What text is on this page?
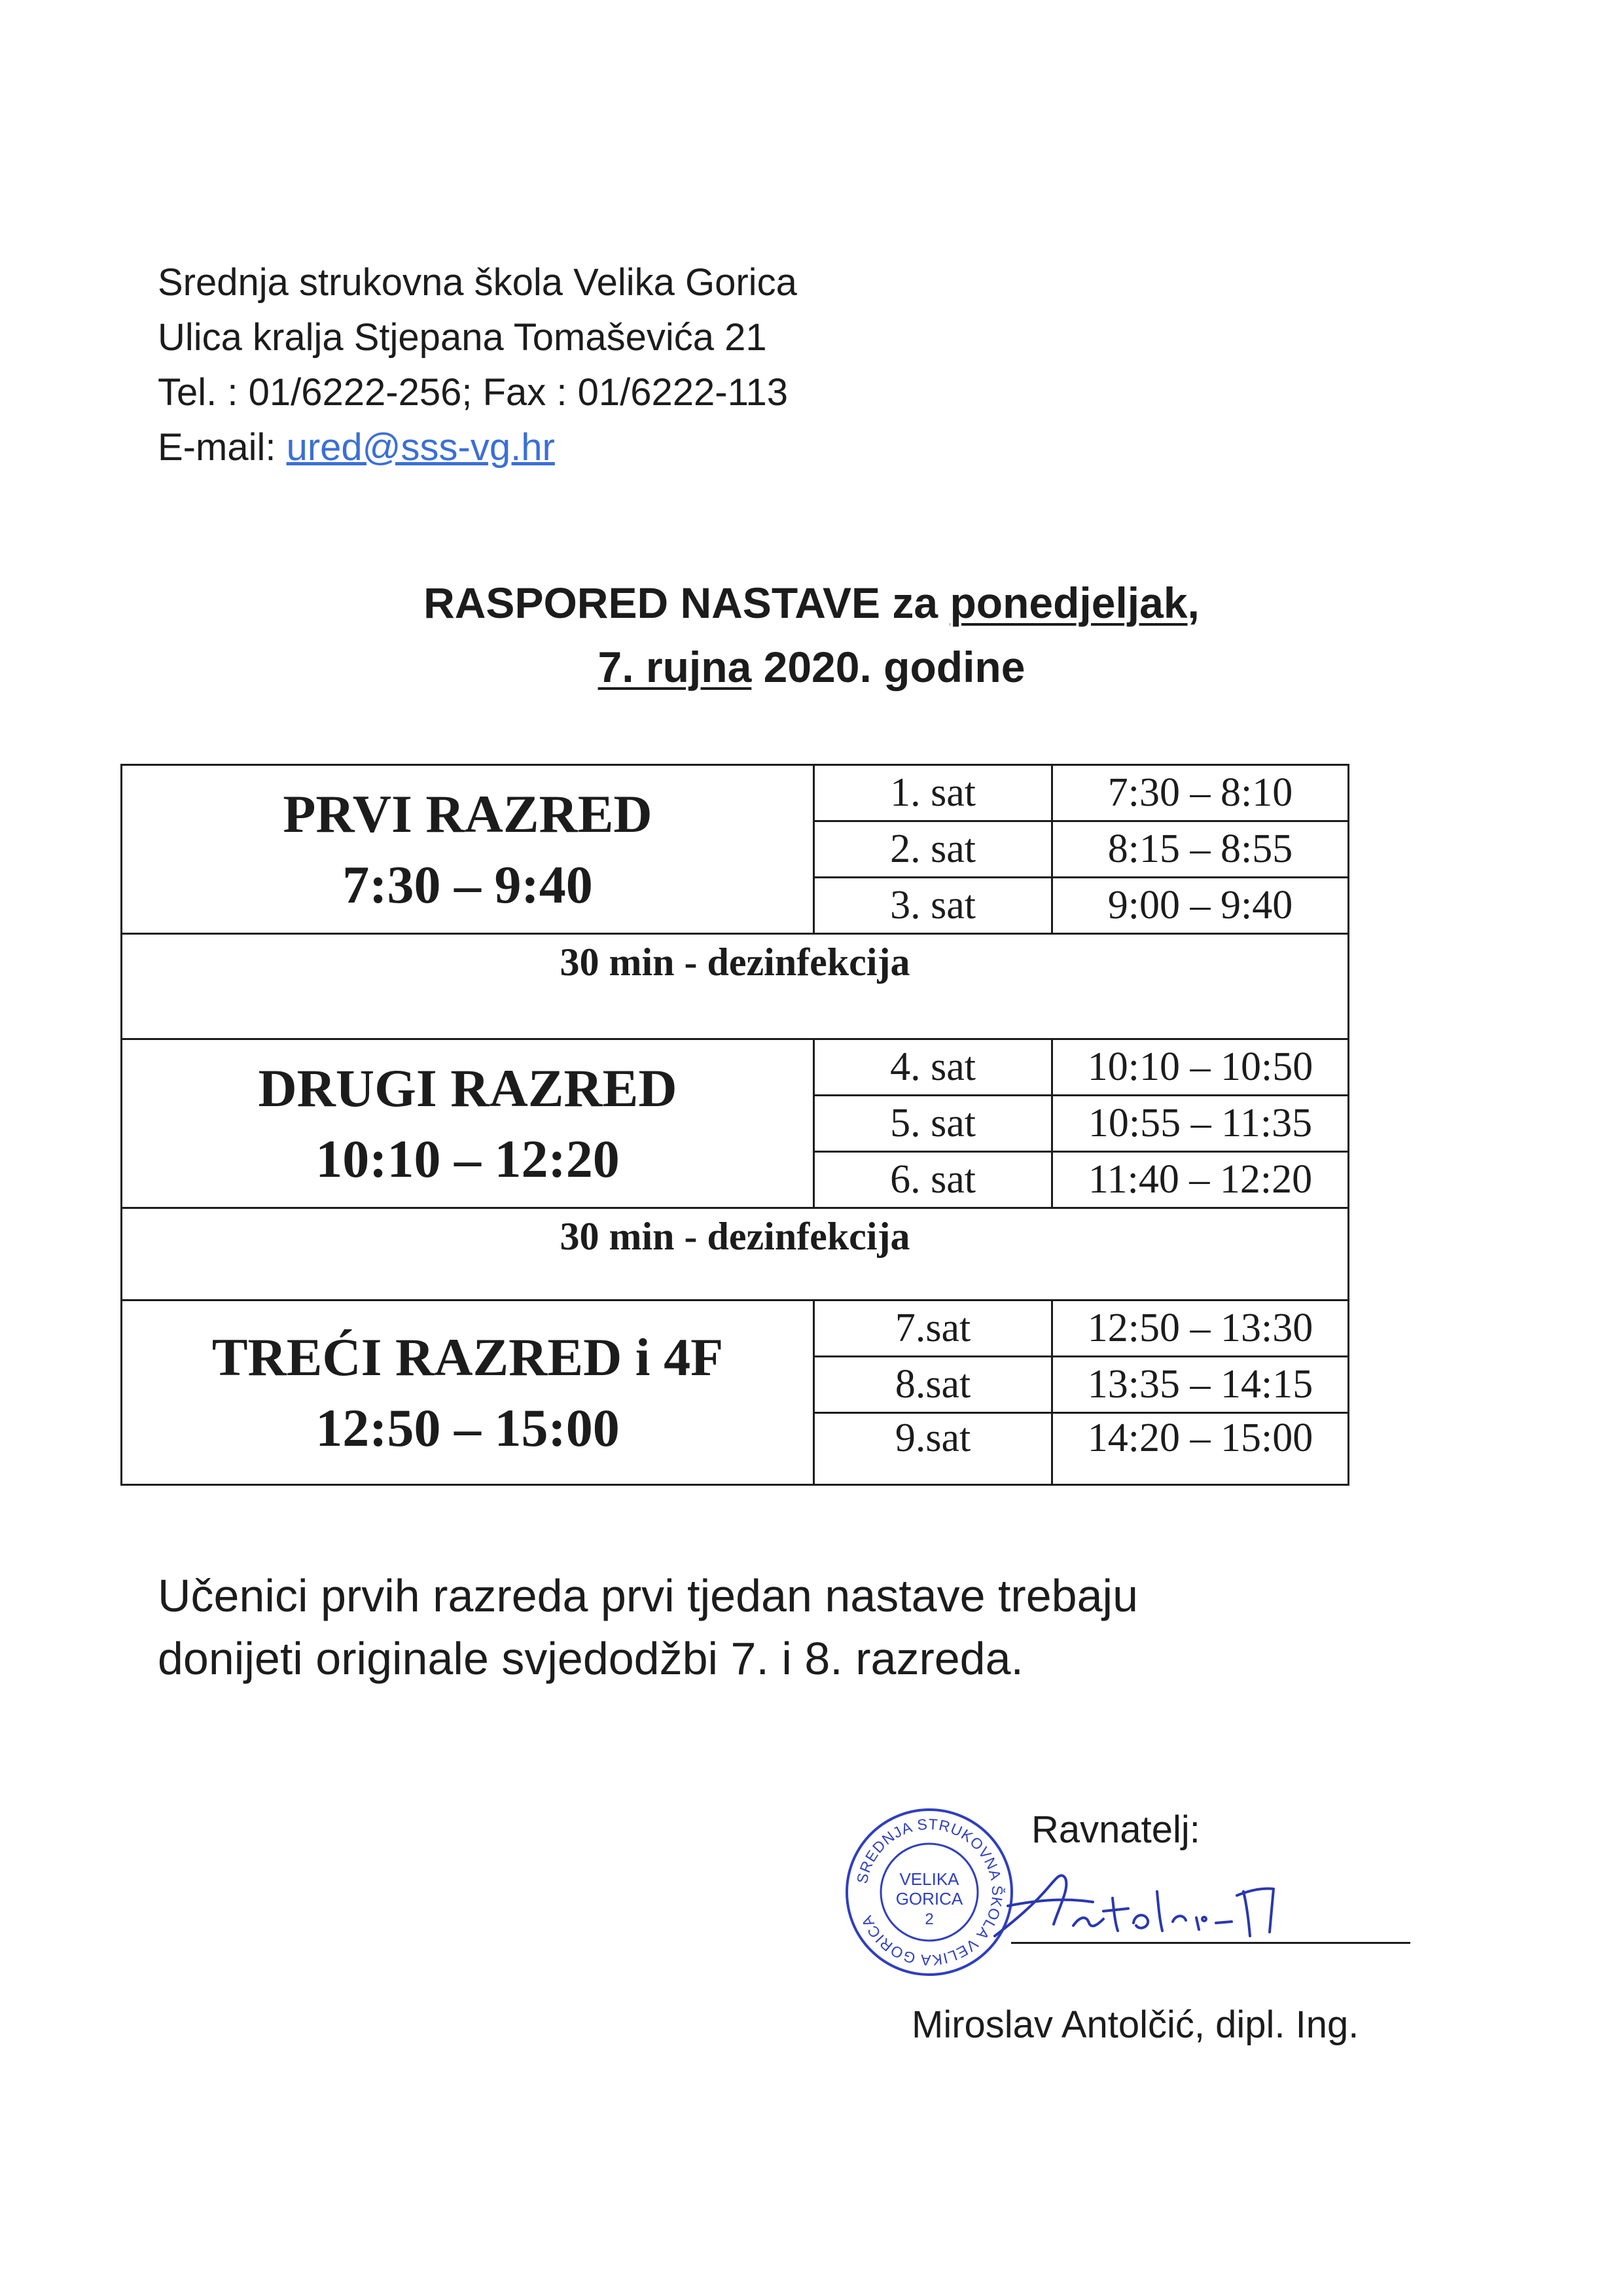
Srednja strukovna škola Velika Gorica
Ulica kralja Stjepana Tomaševića 21
Tel. : 01/6222-256; Fax : 01/6222-113
E-mail: ured@sss-vg.hr
RASPORED NASTAVE za ponedjeljak,
7. rujna 2020. godine
PRVI RAZRED
7:30 – 9:40	1. sat	7:30 – 8:10
	2. sat	8:15 – 8:55
	3. sat	9:00 – 9:40
30 min - dezinfekcija		

DRUGI RAZRED
10:10 – 12:20	4. sat	10:10 – 10:50
	5. sat	10:55 – 11:35
	6. sat	11:40 – 12:20
30 min - dezinfekcija		

TREĆI RAZRED i 4F
12:50 – 15:00	7.sat	12:50 – 13:30
	8.sat	13:35 – 14:15
	9.sat	14:20 – 15:00
Učenici prvih razreda prvi tjedan nastave trebaju
donijeti originale svjedodžbi 7. i 8. razreda.
Ravnatelj:
SREDNJA STRUKOVNA ŠKOLA VELIKA GORICA
VELIKA
GORICA
2
Miroslav Antolčić, dipl. Ing.
